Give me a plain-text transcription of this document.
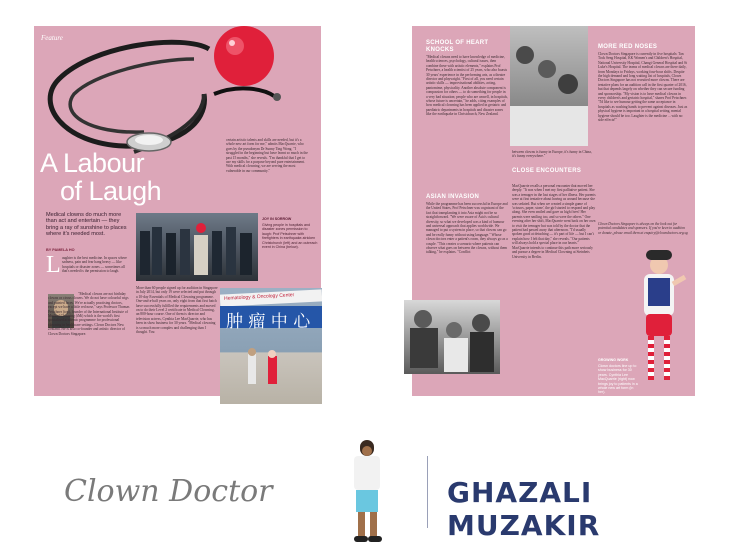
Feature
A Labour
of Laugh
Medical clowns do much more than act and entertain — they bring a ray of sunshine to places where it's needed most.
BY PAMELA HO
L aughter is the best medicine. In spaces where sadness, pain and fear hang heavy — like hospitals or disaster zones — sometimes all that's needed is the permission to laugh.
"Medical clowns are not birthday clowns or circus clowns. We do not have colourful wigs and painted faces. We're actually practising doctors, except we have a little red nose," says Professor Thomas Petschner (top), founder of the International Institute of Medical Clowning (iMi) which is the world's first specialised academic programme for professional clowning in healthcare settings. Clown Doctors New Zealand. He is also co-founder and artistic director of Clown Doctors Singapore.
JOY IN SORROW
Giving people in hospitals and disaster zones permission to laugh: Prof Petschner with firefighters in earthquake-stricken Christchurch (left) and an outreach event in China (below).
More than 60 people signed up for audition in Singapore in July 2014, but only 19 were selected and put through a 10-day Essentials of Medical Clowning programme. One-and-a-half years on, only eight from that first batch have successfully fulfilled the requirements and moved on to do their Level 2 certificate in Medical Clowning, an 800-hour course. One of them is director and television actress, Cynthia Lee MacQuarrie, who has been in show business for 30 years. "Medical clowning is so much more complex and challenging than I thought. You
certain artistic talents and skills are needed, but it's a whole new art form for me," admits MacQuarrie, who goes by the pseudonym Dr Sunny Ting Wong. "I struggled in the beginning but have learnt so much in the past 15 months," she reveals. "I'm thankful that I get to use my skills for a purpose beyond pure entertainment. With medical clowning, we are serving the most vulnerable in our community."
Hematology & Oncology Center
肿 瘤 中 心
SCHOOL OF HEART KNOCKS
"Medical clowns need to have knowledge of medicine, health sciences, psychology, cultural issues, then combine these with artistic elements," explains Prof Petschner, a health scientist of 25 years, who also boasts 30 years' experience in the performing arts, as a theatre director and playwright. "First of all, you need certain artistic skills — improvisational abilities, acting, pantomime, physicality. Another absolute component is compassion for others — to do something for people in a very bad situation; people who are unwell, in hospitals, whose future is uncertain," he adds, citing examples of how medical clowning has been applied in geriatric and paediatric departments in hospitals and disaster zones like the earthquake in Christchurch, New Zealand.
ASIAN INVASION
While the programme has been successful in Europe and the United States, Prof Petschner was cognisant of the fact that transplanting it into Asia might not be so straightforward. "We were aware of Asia's cultural diversity, so what we developed was a kind of humour and universal approach that applies worldwide. We managed to put a system in place, so that clowns can go and be really funny without using language." Whose clown doctors enter a patient's room, they always go as a couple. "This creates a scenario where patients can observe what goes on between the clowns, without them talking," he explains. "Conflict
between clowns is funny in Europe, it's funny in China, it's funny everywhere."
CLOSE ENCOUNTERS
MacQuarrie recalls a personal encounter that moved her deeply. "It was when I met my first palliative patient. She was a teenager in the last stages of her illness. Her parents were at first tentative about having us around because she was sedated. But when we created a simple game of 'scissors, paper, stone', the girl started to respond and play along. She even smiled and gave us high fives! Her parents were smiling too, and so were the others." One evening after her shift, MacQuarrie went back on her own to visit the teenager but was told by the doctor that the patient had passed away that afternoon. "I'd usually spoken good at detaching — it's part of life — but I can't explain how I felt that day," she reveals. "Our patients will always hold a special place in our hearts." MacQuarrie intends to continue this path more seriously and pursue a degree in Medical Clowning at Steinbeis University in Berlin.
MORE RED NOSES
Clown Doctors Singapore is currently in five hospitals: Tan Tock Seng Hospital, KK Women's and Children's Hospital, National University Hospital, Changi General Hospital and St Luke's Hospital. The teams of medical clowns are there daily, from Mondays to Fridays, working four-hour shifts. Despite the high demand and long waiting list of hospitals, Clown Doctors Singapore has not recruited more clowns. There are tentative plans for an audition call in the first quarter of 2016, but that depends largely on whether they can secure funding and sponsorship. "My vision is to have medical clowns in every children's and geriatric hospital," shares Prof Petschner. "I'd like to see humour getting the same acceptance in hospitals as washing hands to prevent against diseases. Just as physical hygiene is important in a hospital setting, mental hygiene should be too. Laughter is the medicine ... with no side effects!"
Clown Doctors Singapore is always on the look out for potential candidates and sponsors. If you're keen to audition or donate, please email them at enquiry@clowndoctors.org.sg
GROWING WORK
Clown doctors line up to show business for 30 years. Cynthia Lee MacQuarrie (right) now brings joy to patients in a whole new art form (in her).
Clown Doctor	GHAZALI MUZAKIR
